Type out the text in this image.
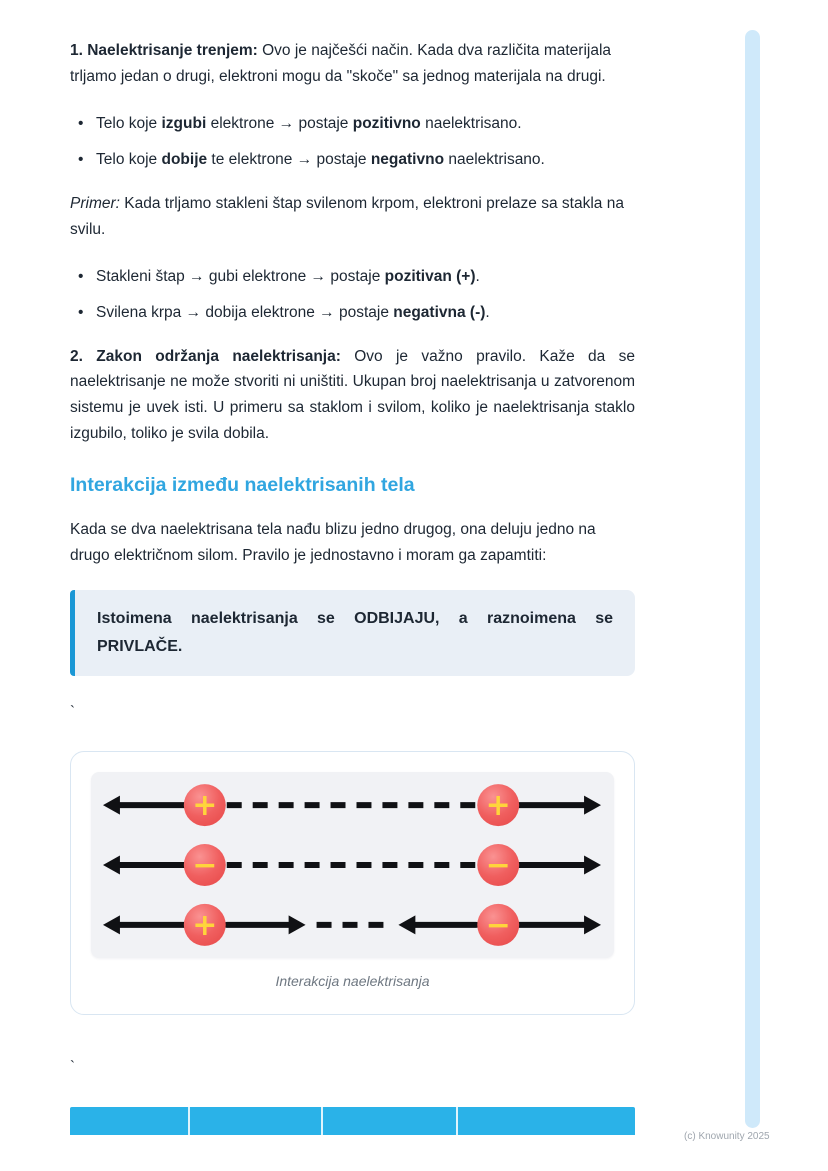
1. Naelektrisanje trenjem: Ovo je najčešći način. Kada dva različita materijala trljamo jedan o drugi, elektroni mogu da "skoče" sa jednog materijala na drugi.

• Telo koje izgubi elektrone → postaje pozitivno naelektrisano.
• Telo koje dobije te elektrone → postaje negativno naelektrisano.

Primer: Kada trljamo stakleni štap svilenom krpom, elektroni prelaze sa stakla na svilu.

• Stakleni štap → gubi elektrone → postaje pozitivan (+).
• Svilena krpa → dobija elektrone → postaje negativna (-).

2. Zakon održanja naelektrisanja: Ovo je važno pravilo. Kaže da se naelektrisanje ne može stvoriti ni uništiti. Ukupan broj naelektrisanja u zatvorenom sistemu je uvek isti. U primeru sa staklom i svilom, koliko je naelektrisanja staklo izgubilo, toliko je svila dobila.

Interakcija između naelektrisanih tela

Kada se dva naelektrisana tela nađu blizu jedno drugog, ona deluju jedno na drugo električnom silom. Pravilo je jednostavno i moram ga zapamtiti:

Istoimena naelektrisanja se ODBIJAJU, a raznoimena se PRIVLAČE.

`

+	+
−	−
+	−
Interakcija naelektrisanja

`

(c) Knowunity 2025
